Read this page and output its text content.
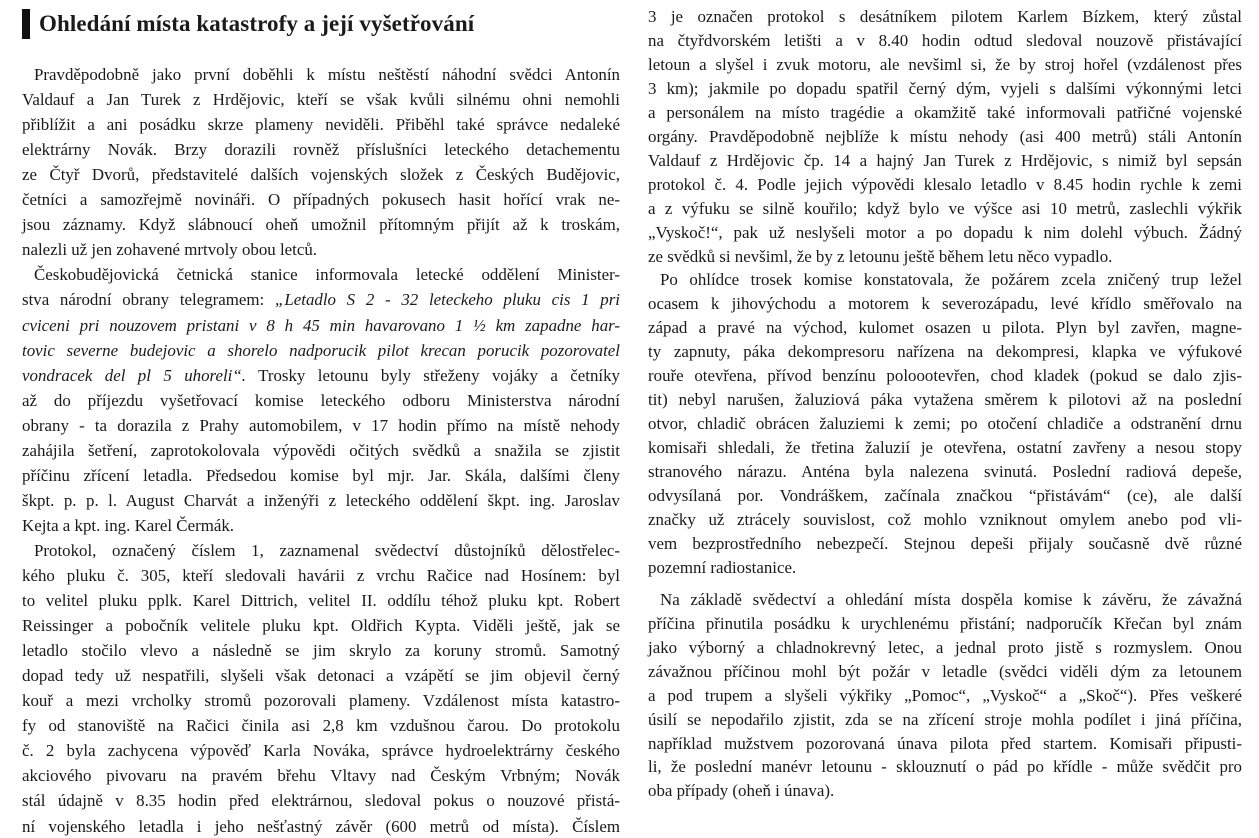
Ohledání místa katastrofy a její vyšetřování
Pravděpodobně jako první doběhli k místu neštěstí náhodní svědci Antonín
Valdauf a Jan Turek z Hrdějovic, kteří se však kvůli silnému ohni nemohli
přiblížit a ani posádku skrze plameny neviděli. Přiběhl také správce nedaleké
elektrárny Novák. Brzy dorazili rovněž příslušníci leteckého detachementu
ze Čtyř Dvorů, představitelé dalších vojenských složek z Českých Budějovic,
četníci a samozřejmě novináři. O případných pokusech hasit hořící vrak ne-
jsou záznamy. Když slábnoucí oheň umožnil přítomným přijít až k troskám,
nalezli už jen zohavené mrtvoly obou letců.
Českobudějovická četnická stanice informovala letecké oddělení Minister-
stva národní obrany telegramem: „Letadlo S 2 - 32 leteckeho pluku cis 1 pri
cviceni pri nouzovem pristani v 8 h 45 min havarovano 1 ½ km zapadne har-
tovic severne budejovic a shorelo nadporucik pilot krecan porucik pozorovatel
vondracek del pl 5 uhoreli“. Trosky letounu byly střeženy vojáky a četníky
až do příjezdu vyšetřovací komise leteckého odboru Ministerstva národní
obrany - ta dorazila z Prahy automobilem, v 17 hodin přímo na místě nehody
zahájila šetření, zaprotokolovala výpovědi očitých svědků a snažila se zjistit
příčinu zřícení letadla. Předsedou komise byl mjr. Jar. Skála, dalšími členy
škpt. p. p. l. August Charvát a inženýři z leteckého oddělení škpt. ing. Jaroslav
Kejta a kpt. ing. Karel Čermák.
Protokol, označený číslem 1, zaznamenal svědectví důstojníků dělostřelec-
kého pluku č. 305, kteří sledovali havárii z vrchu Račice nad Hosínem: byl
to velitel pluku pplk. Karel Dittrich, velitel II. oddílu téhož pluku kpt. Robert
Reissinger a pobočník velitele pluku kpt. Oldřich Kypta. Viděli ještě, jak se
letadlo stočilo vlevo a následně se jim skrylo za koruny stromů. Samotný
dopad tedy už nespatřili, slyšeli však detonaci a vzápětí se jim objevil černý
kouř a mezi vrcholky stromů pozorovali plameny. Vzdálenost místa katastro-
fy od stanoviště na Račici činila asi 2,8 km vzdušnou čarou. Do protokolu
č. 2 byla zachycena výpověď Karla Nováka, správce hydroelektrárny českého
akciového pivovaru na pravém břehu Vltavy nad Českým Vrbným; Novák
stál údajně v 8.35 hodin před elektrárnou, sledoval pokus o nouzové přistá-
ní vojenského letadla i jeho nešťastný závěr (600 metrů od místa). Číslem
3 je označen protokol s desátníkem pilotem Karlem Bízkem, který zůstal
na čtyřdvorském letišti a v 8.40 hodin odtud sledoval nouzově přistávající
letoun a slyšel i zvuk motoru, ale nevšiml si, že by stroj hořel (vzdálenost přes
3 km); jakmile po dopadu spatřil černý dým, vyjeli s dalšími výkonnými letci
a personálem na místo tragédie a okamžitě také informovali patřičné vojenské
orgány. Pravděpodobně nejblíže k místu nehody (asi 400 metrů) stáli Antonín
Valdauf z Hrdějovic čp. 14 a hajný Jan Turek z Hrdějovic, s nimiž byl sepsán
protokol č. 4. Podle jejich výpovědi klesalo letadlo v 8.45 hodin rychle k zemi
a z výfuku se silně kouřilo; když bylo ve výšce asi 10 metrů, zaslechli výkřik
„Vyskoč!“, pak už neslyšeli motor a po dopadu k nim dolehl výbuch. Žádný
ze svědků si nevšiml, že by z letounu ještě během letu něco vypadlo.
Po ohlídce trosek komise konstatovala, že požárem zcela zničený trup ležel
ocasem k jihovýchodu a motorem k severozápadu, levé křídlo směřovalo na
západ a pravé na východ, kulomet osazen u pilota. Plyn byl zavřen, magne-
ty zapnuty, páka dekompresoru nařízena na dekompresi, klapka ve výfukové
rouře otevřena, přívod benzínu poloootevřen, chod kladek (pokud se dalo zjis-
tit) nebyl narušen, žaluziová páka vytažena směrem k pilotovi až na poslední
otvor, chladič obrácen žaluziemi k zemi; po otočení chladiče a odstranění drnu
komisaři shledali, že třetina žaluzií je otevřena, ostatní zavřeny a nesou stopy
stranového nárazu. Anténa byla nalezena svinutá. Poslední radiová depeše,
odvysílaná por. Vondráškem, začínala značkou “přistávám“ (ce), ale další
značky už ztrácely souvislost, což mohlo vzniknout omylem anebo pod vli-
vem bezprostředního nebezpečí. Stejnou depeši přijaly současně dvě různé
pozemní radiostanice.
Na základě svědectví a ohledání místa dospěla komise k závěru, že závažná
příčina přinutila posádku k urychlenému přistání; nadporučík Křečan byl znám
jako výborný a chladnokrevný letec, a jednal proto jistě s rozmyslem. Onou
závažnou příčinou mohl být požár v letadle (svědci viděli dým za letounem
a pod trupem a slyšeli výkřiky „Pomoc“, „Vyskoč“ a „Skoč“). Přes veškeré
úsilí se nepodařilo zjistit, zda se na zřícení stroje mohla podílet i jiná příčina,
například mužstvem pozorovaná únava pilota před startem. Komisaři připusti-
li, že poslední manévr letounu - sklouznutí o pád po křídle - může svědčit pro
oba případy (oheň i únava).
